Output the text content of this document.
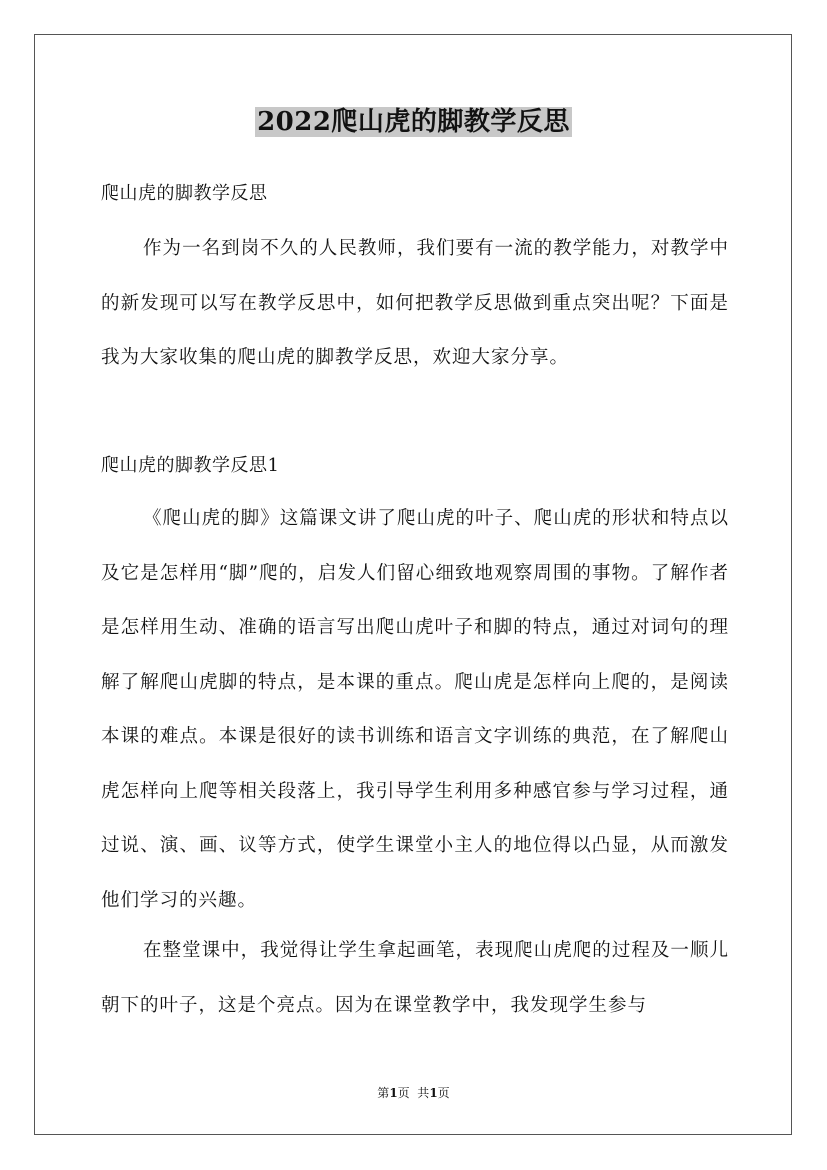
2022爬山虎的脚教学反思
爬山虎的脚教学反思
作为一名到岗不久的人民教师，我们要有一流的教学能力，对教学中的新发现可以写在教学反思中，如何把教学反思做到重点突出呢？下面是我为大家收集的爬山虎的脚教学反思，欢迎大家分享。
爬山虎的脚教学反思1
《爬山虎的脚》这篇课文讲了爬山虎的叶子、爬山虎的形状和特点以及它是怎样用“脚”爬的，启发人们留心细致地观察周围的事物。了解作者是怎样用生动、准确的语言写出爬山虎叶子和脚的特点，通过对词句的理解了解爬山虎脚的特点，是本课的重点。爬山虎是怎样向上爬的，是阅读本课的难点。本课是很好的读书训练和语言文字训练的典范，在了解爬山虎怎样向上爬等相关段落上，我引导学生利用多种感官参与学习过程，通过说、演、画、议等方式，使学生课堂小主人的地位得以凸显，从而激发他们学习的兴趣。
在整堂课中，我觉得让学生拿起画笔，表现爬山虎爬的过程及一顺儿朝下的叶子，这是个亮点。因为在课堂教学中，我发现学生参与
第1页  共1页
